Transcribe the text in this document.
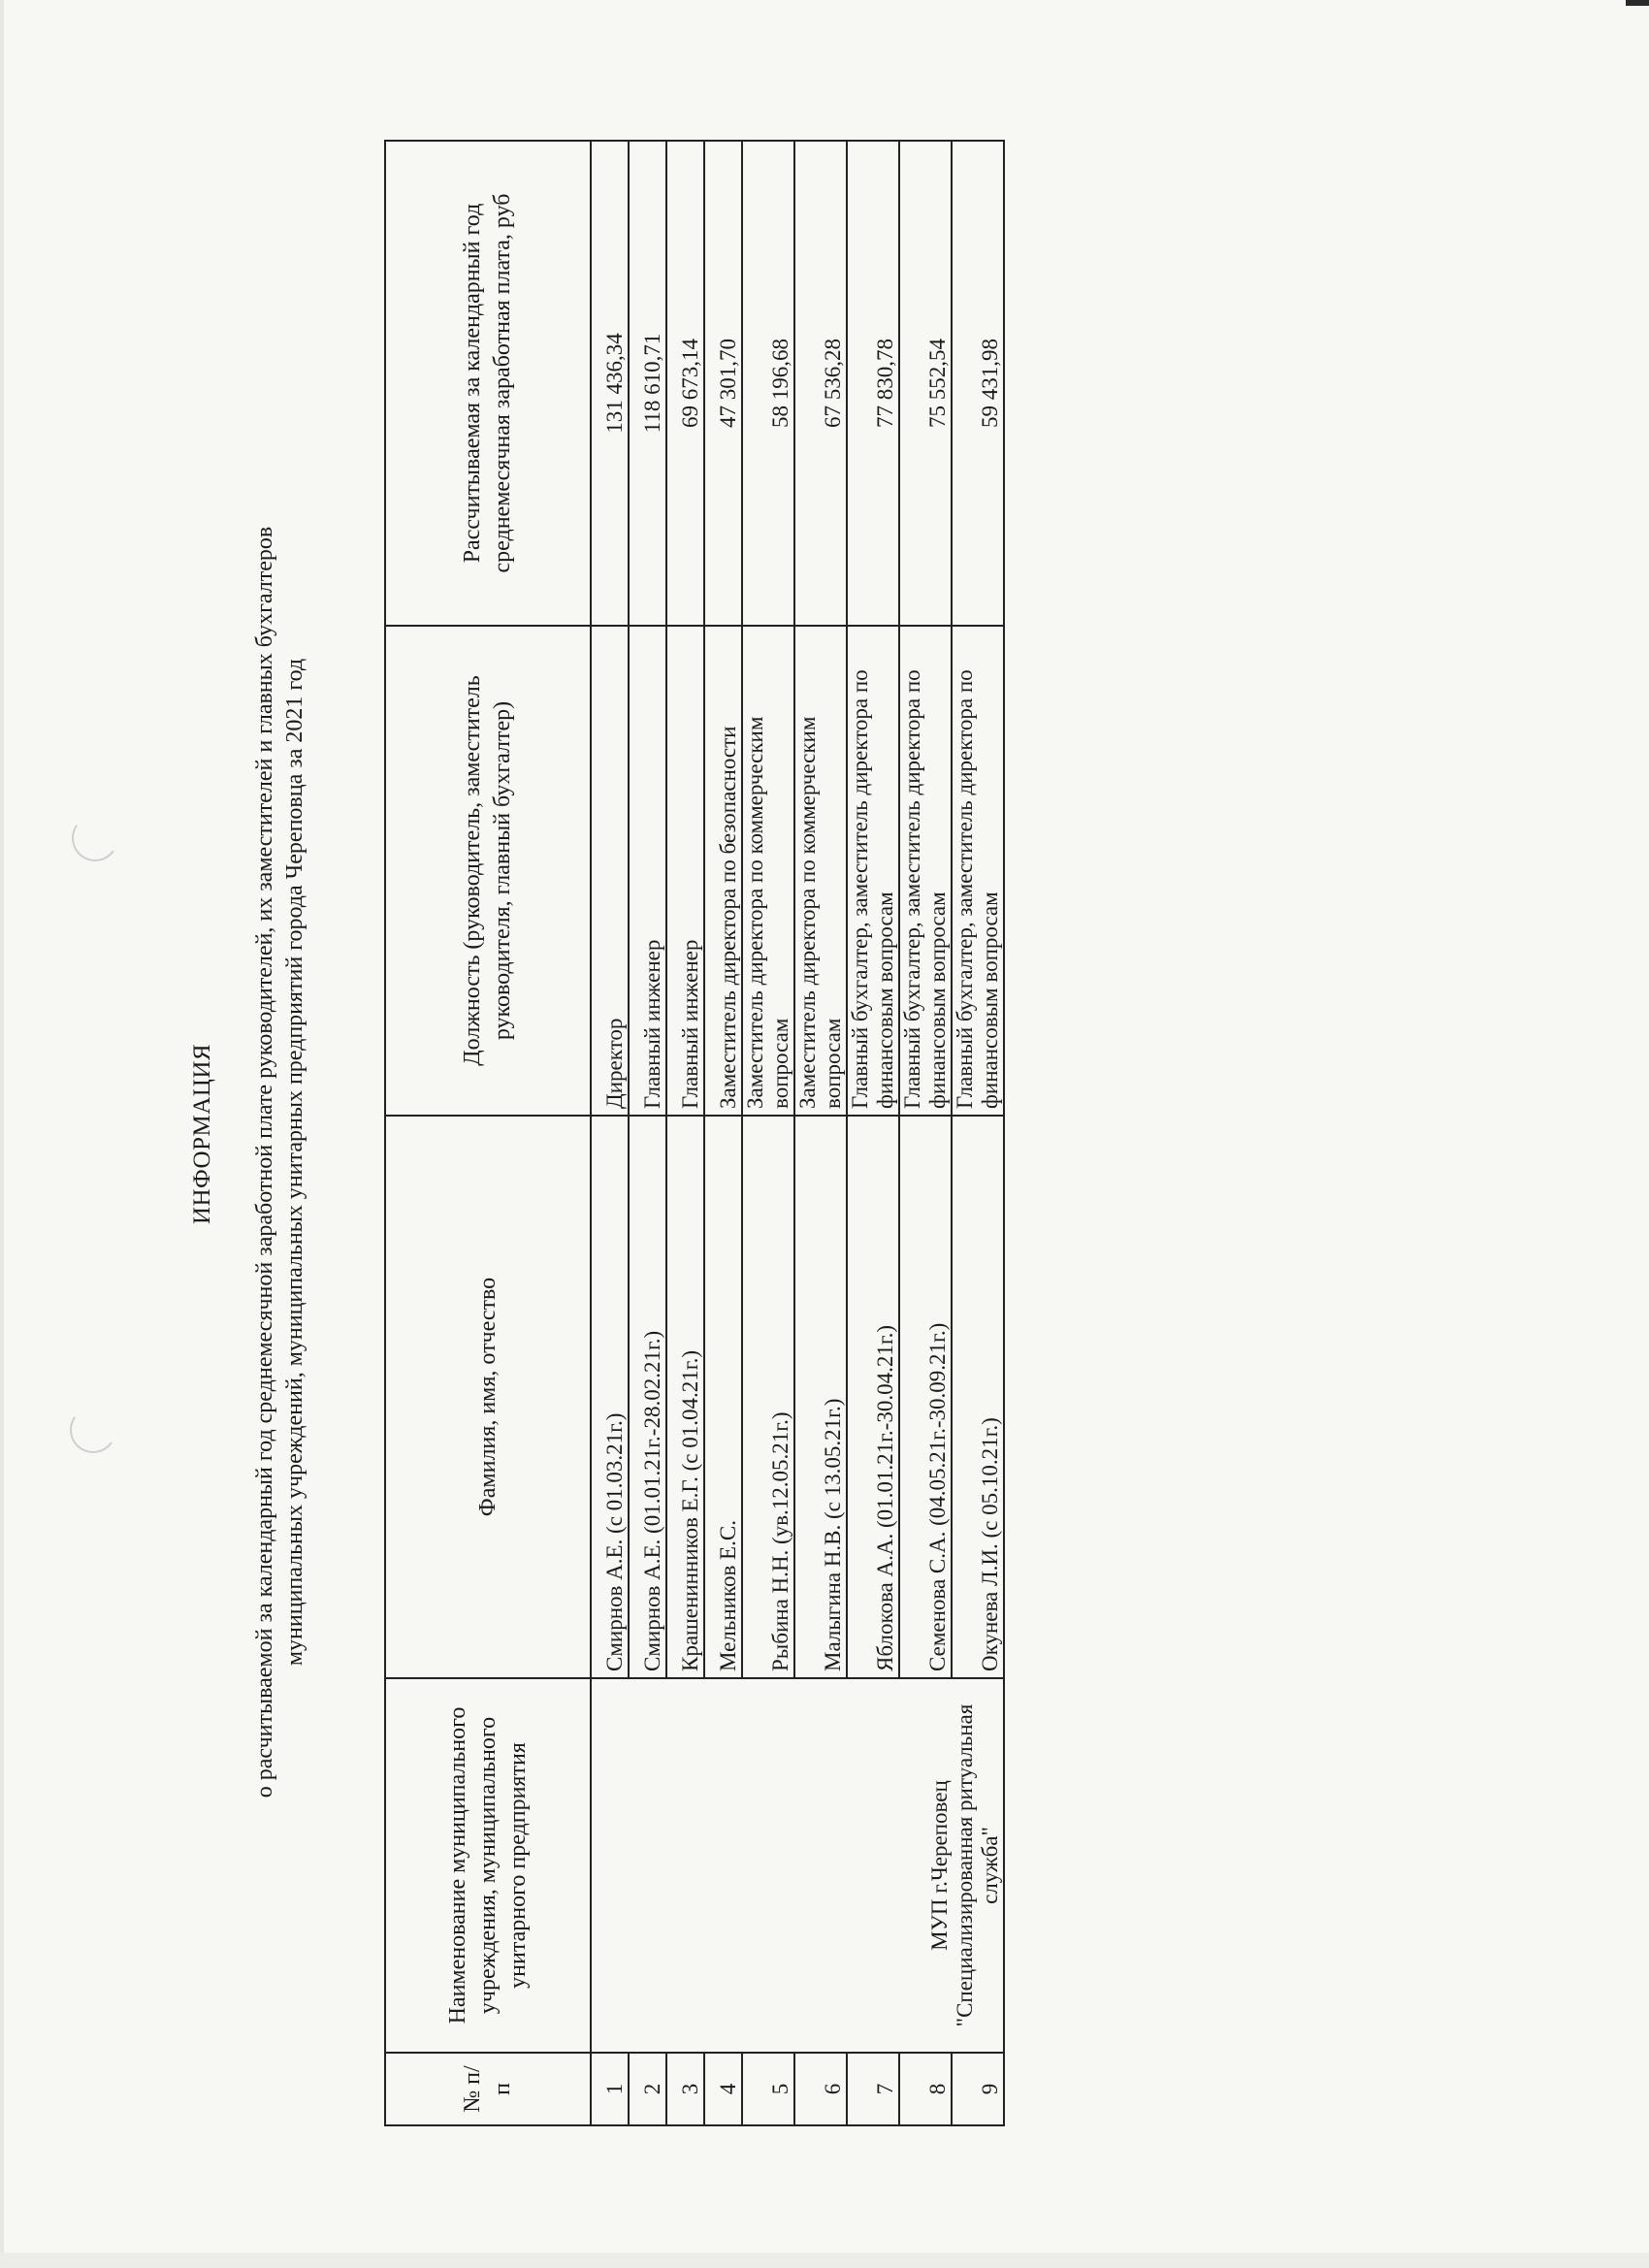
ИНФОРМАЦИЯ о расчитываемой за календарный год среднемесячной заработной плате руководителей, их заместителей и главных бухгалтеров муниципальных учреждений, муниципальных унитарных предприятий города Череповца за 2021 год
№ п/п	Наименование муниципального учреждения, муниципального унитарного предприятия	Фамилия, имя, отчество	Должность (руководитель, заместитель руководителя, главный бухгалтер)	Рассчитываемая за календарный год среднемесячная заработная плата, руб
1	МУП г.Череповец "Специализированная ритуальная служба"	Смирнов А.Е. (с 01.03.21г.)	Директор	131 436,34
2		Смирнов А.Е. (01.01.21г.-28.02.21г.)	Главный инженер	118 610,71
3		Крашенинников Е.Г. (с 01.04.21г.)	Главный инженер	69 673,14
4		Мельников Е.С.	Заместитель директора по безопасности	47 301,70
5		Рыбина Н.Н. (ув.12.05.21г.)	Заместитель директора по коммерческим вопросам	58 196,68
6		Малыгина Н.В. (с 13.05.21г.)	Заместитель директора по коммерческим вопросам	67 536,28
7		Яблокова А.А. (01.01.21г.-30.04.21г.)	Главный бухгалтер, заместитель директора по финансовым вопросам	77 830,78
8		Семенова С.А. (04.05.21г.-30.09.21г.)	Главный бухгалтер, заместитель директора по финансовым вопросам	75 552,54
9		Окунева Л.И. (с 05.10.21г.)	Главный бухгалтер, заместитель директора по финансовым вопросам	59 431,98
